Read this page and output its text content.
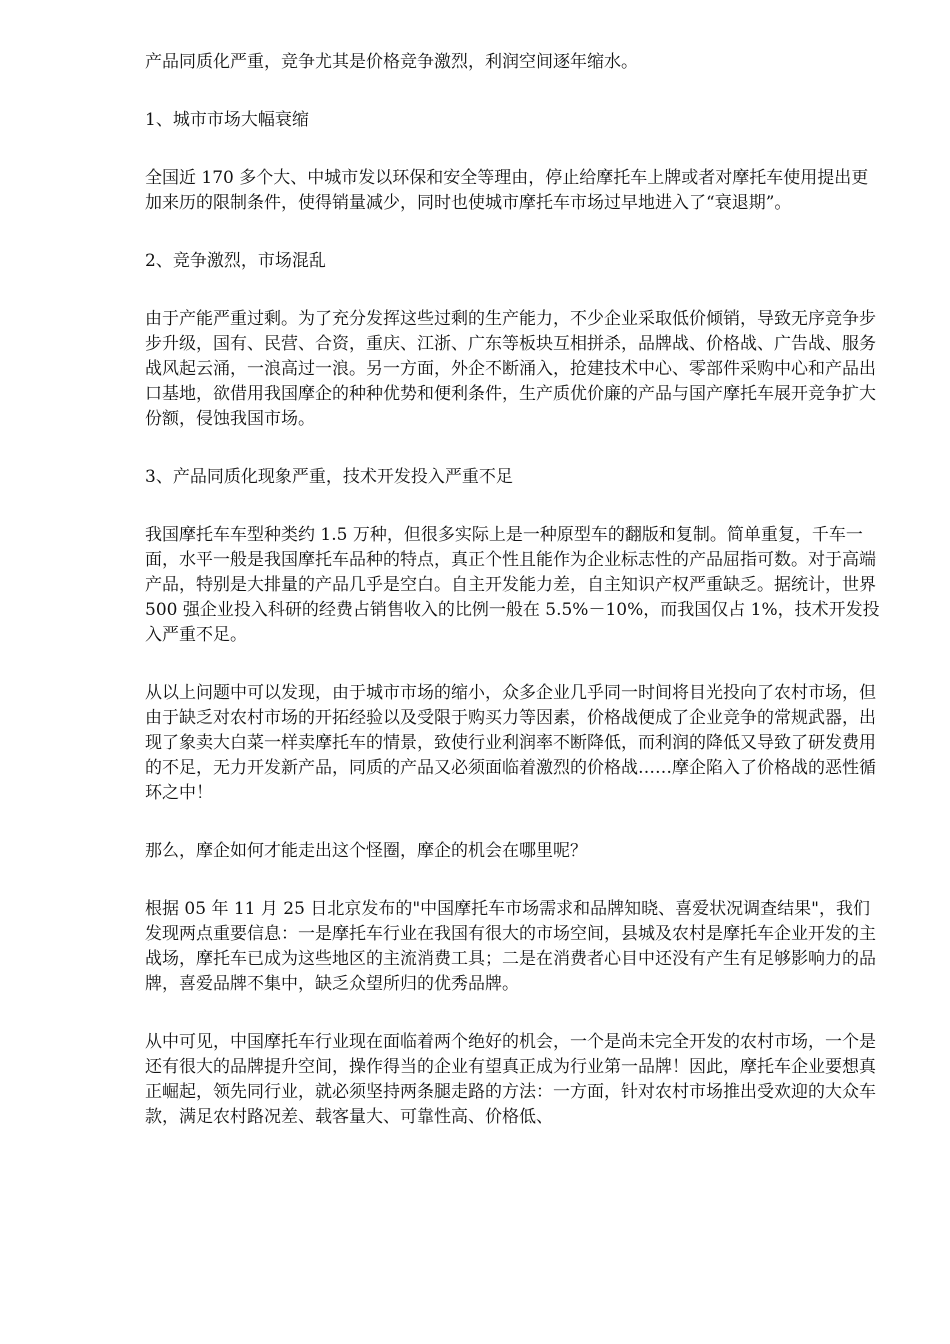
产品同质化严重，竞争尤其是价格竞争激烈，利润空间逐年缩水。

1、城市市场大幅衰缩

全国近 170 多个大、中城市发以环保和安全等理由，停止给摩托车上牌或者对摩托车使用提出更加来历的限制条件，使得销量减少，同时也使城市摩托车市场过早地进入了“衰退期”。

2、竞争激烈，市场混乱

由于产能严重过剩。为了充分发挥这些过剩的生产能力，不少企业采取低价倾销，导致无序竞争步步升级，国有、民营、合资，重庆、江浙、广东等板块互相拼杀，品牌战、价格战、广告战、服务战风起云涌，一浪高过一浪。另一方面，外企不断涌入，抢建技术中心、零部件采购中心和产品出口基地，欲借用我国摩企的种种优势和便利条件，生产质优价廉的产品与国产摩托车展开竞争扩大份额，侵蚀我国市场。

3、产品同质化现象严重，技术开发投入严重不足

我国摩托车车型种类约 1.5 万种，但很多实际上是一种原型车的翻版和复制。简单重复，千车一面，水平一般是我国摩托车品种的特点，真正个性且能作为企业标志性的产品屈指可数。对于高端产品，特别是大排量的产品几乎是空白。自主开发能力差，自主知识产权严重缺乏。据统计，世界 500 强企业投入科研的经费占销售收入的比例一般在 5.5%－10%，而我国仅占 1%，技术开发投入严重不足。

从以上问题中可以发现，由于城市市场的缩小，众多企业几乎同一时间将目光投向了农村市场，但由于缺乏对农村市场的开拓经验以及受限于购买力等因素，价格战便成了企业竞争的常规武器，出现了象卖大白菜一样卖摩托车的情景，致使行业利润率不断降低，而利润的降低又导致了研发费用的不足，无力开发新产品，同质的产品又必须面临着激烈的价格战……摩企陷入了价格战的恶性循环之中！

那么，摩企如何才能走出这个怪圈，摩企的机会在哪里呢？

根据 05 年 11 月 25 日北京发布的"中国摩托车市场需求和品牌知晓、喜爱状况调查结果"，我们发现两点重要信息：一是摩托车行业在我国有很大的市场空间，县城及农村是摩托车企业开发的主战场，摩托车已成为这些地区的主流消费工具；二是在消费者心目中还没有产生有足够影响力的品牌，喜爱品牌不集中，缺乏众望所归的优秀品牌。

从中可见，中国摩托车行业现在面临着两个绝好的机会，一个是尚未完全开发的农村市场，一个是还有很大的品牌提升空间，操作得当的企业有望真正成为行业第一品牌！因此，摩托车企业要想真正崛起，领先同行业，就必须坚持两条腿走路的方法：一方面，针对农村市场推出受欢迎的大众车款，满足农村路况差、载客量大、可靠性高、价格低、
